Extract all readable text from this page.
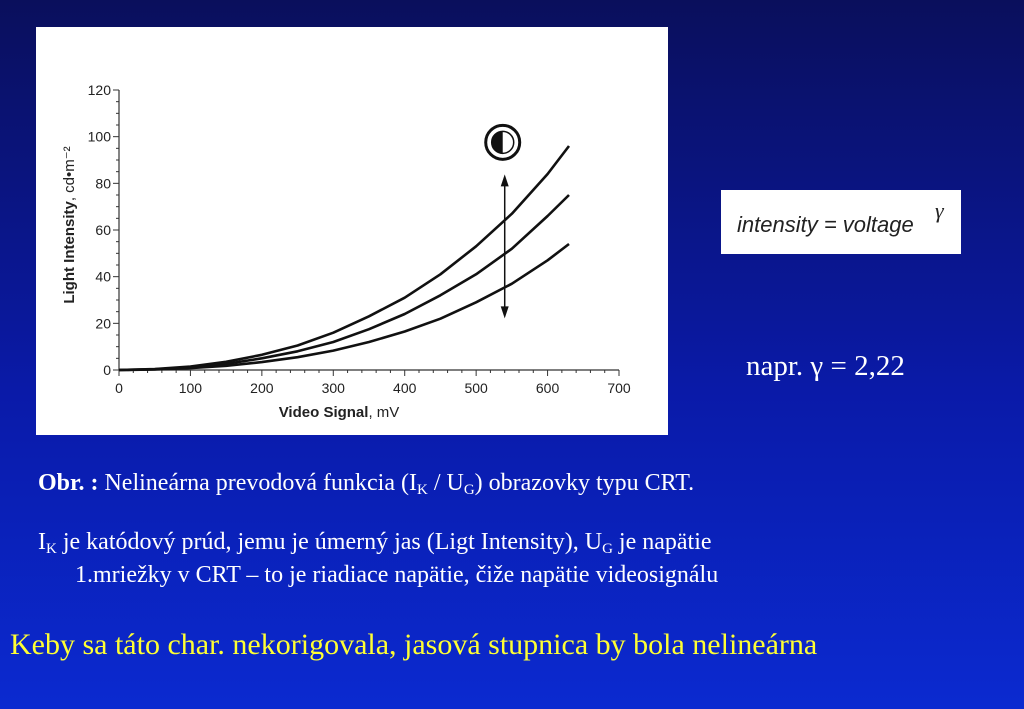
0	100	200	300	400	500	600	700
0
20
40
60
80
100
120
Video Signal, mV
Light Intensity, cd•m⁻²
intensity = voltage
γ
napr. γ = 2,22
Obr. : Nelineárna prevodová funkcia $(I_K / U_G)$ obrazovky typu CRT.
$I_K$ je katódový prúd, jemu je úmerný jas (Ligt Intensity), $U_G$ je napätie
1.mriežky v CRT – to je riadiace napätie, čiže napätie videosignálu
Keby sa táto char. nekorigovala, jasová stupnica by bola nelineárna
